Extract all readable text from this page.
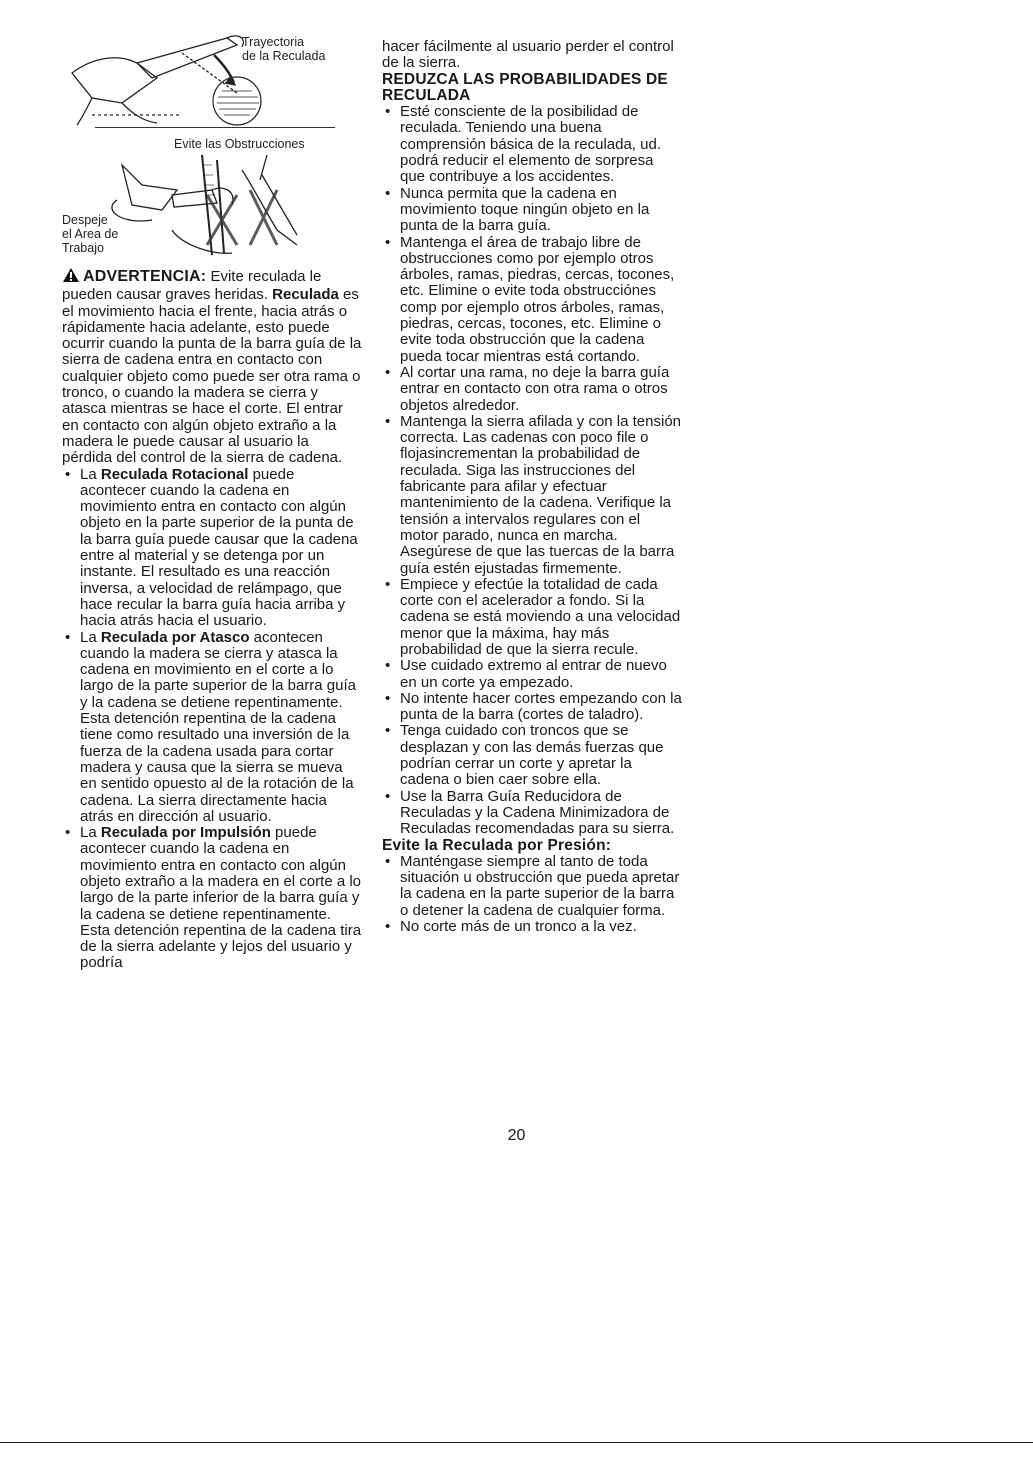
Trayectoria
de la Reculada
Evite las Obstrucciones
Despeje
el Area de
Trabajo

ADVERTENCIA: Evite reculada le pueden causar graves heridas. Reculada es el movimiento hacia el frente, hacia atrás o rápidamente hacia adelante, esto puede ocurrir cuando la punta de la barra guía de la sierra de cadena entra en contacto con cualquier objeto como puede ser otra rama o tronco, o cuando la madera se cierra y atasca mientras se hace el corte. El entrar en contacto con algún objeto extraño a la madera le puede causar al usuario la pérdida del control de la sierra de cadena.

• La Reculada Rotacional puede acontecer cuando la cadena en movimiento entra en contacto con algún objeto en la parte superior de la punta de la barra guía puede causar que la cadena entre al material y se detenga por un instante. El resultado es una reacción inversa, a velocidad de relámpago, que hace recular la barra guía hacia arriba y hacia atrás hacia el usuario.
• La Reculada por Atasco acontecen cuando la madera se cierra y atasca la cadena en movimiento en el corte a lo largo de la parte superior de la barra guía y la cadena se detiene repentinamente. Esta detención repentina de la cadena tiene como resultado una inversión de la fuerza de la cadena usada para cortar madera y causa que la sierra se mueva en sentido opuesto al de la rotación de la cadena. La sierra directamente hacia atrás en dirección al usuario.
• La Reculada por Impulsión puede acontecer cuando la cadena en movimiento entra en contacto con algún objeto extraño a la madera en el corte a lo largo de la parte inferior de la barra guía y la cadena se detiene repentinamente. Esta detención repentina de la cadena tira de la sierra adelante y lejos del usuario y podría

hacer fácilmente al usuario perder el control de la sierra.

REDUZCA LAS PROBABILIDADES DE RECULADA

• Esté consciente de la posibilidad de reculada. Teniendo una buena comprensión básica de la reculada, ud. podrá reducir el elemento de sorpresa que contribuye a los accidentes.
• Nunca permita que la cadena en movimiento toque ningún objeto en la punta de la barra guía.
• Mantenga el área de trabajo libre de obstrucciones como por ejemplo otros árboles, ramas, piedras, cercas, tocones, etc. Elimine o evite toda obstrucciónes comp por ejemplo otros árboles, ramas, piedras, cercas, tocones, etc. Elimine o evite toda obstrucción que la cadena pueda tocar mientras está cortando.
• Al cortar una rama, no deje la barra guía entrar en contacto con otra rama o otros objetos alrededor.
• Mantenga la sierra afilada y con la tensión correcta. Las cadenas con poco file o flojasincrementan la probabilidad de reculada. Siga las instrucciones del fabricante para afilar y efectuar mantenimiento de la cadena. Verifique la tensión a intervalos regulares con el motor parado, nunca en marcha. Asegúrese de que las tuercas de la barra guía estén ejustadas firmemente.
• Empiece y efectúe la totalidad de cada corte con el acelerador a fondo. Si la cadena se está moviendo a una velocidad menor que la máxima, hay más probabilidad de que la sierra recule.
• Use cuidado extremo al entrar de nuevo en un corte ya empezado.
• No intente hacer cortes empezando con la punta de la barra (cortes de taladro).
• Tenga cuidado con troncos que se desplazan y con las demás fuerzas que podrían cerrar un corte y apretar la cadena o bien caer sobre ella.
• Use la Barra Guía Reducidora de Reculadas y la Cadena Minimizadora de Reculadas recomendadas para su sierra.

Evite la Reculada por Presión:

• Manténgase siempre al tanto de toda situación u obstrucción que pueda apretar la cadena en la parte superior de la barra o detener la cadena de cualquier forma.
• No corte más de un tronco a la vez.
20
